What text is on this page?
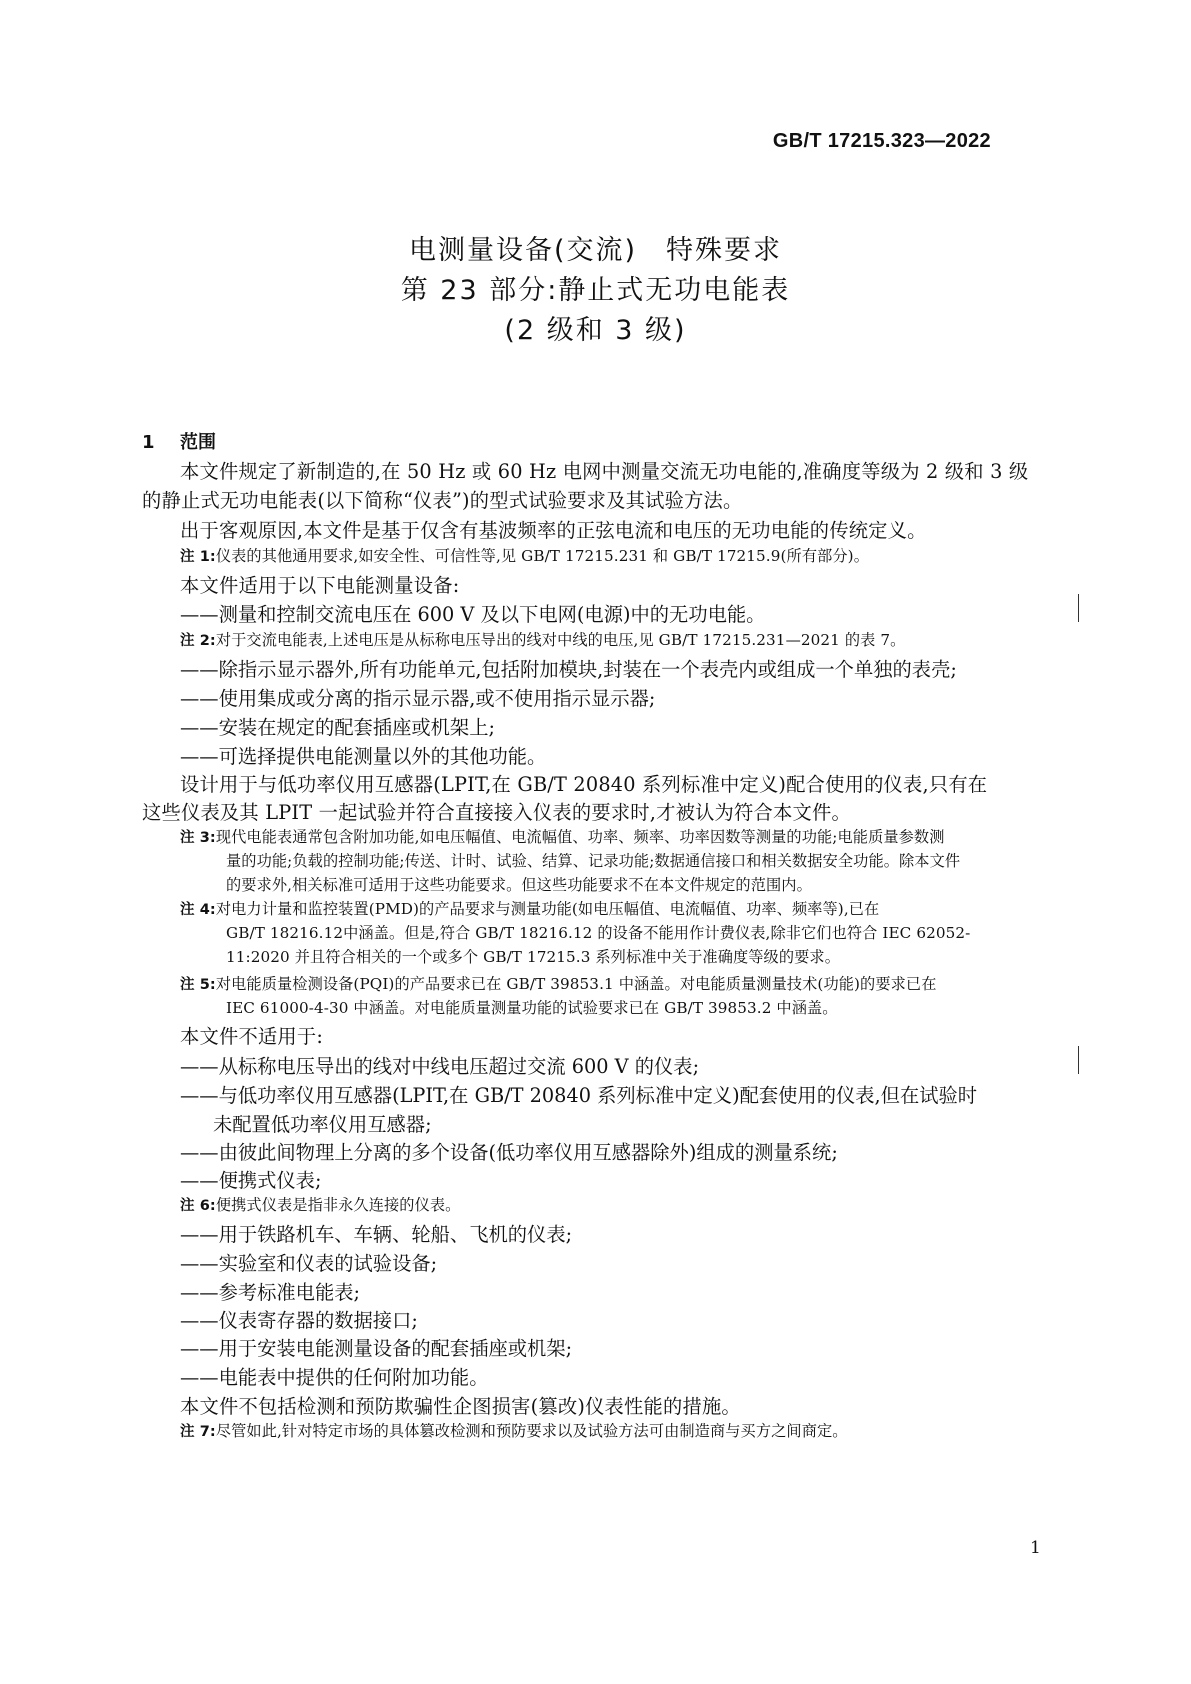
GB/T 17215.323—2022
电测量设备(交流)　特殊要求
第 23 部分:静止式无功电能表
(2 级和 3 级)
1 范围
本文件规定了新制造的,在 50 Hz 或 60 Hz 电网中测量交流无功电能的,准确度等级为 2 级和 3 级
的静止式无功电能表(以下简称“仪表”)的型式试验要求及其试验方法。
出于客观原因,本文件是基于仅含有基波频率的正弦电流和电压的无功电能的传统定义。
注 1:仪表的其他通用要求,如安全性、可信性等,见 GB/T 17215.231 和 GB/T 17215.9(所有部分)。
本文件适用于以下电能测量设备:
——测量和控制交流电压在 600 V 及以下电网(电源)中的无功电能。
注 2:对于交流电能表,上述电压是从标称电压导出的线对中线的电压,见 GB/T 17215.231—2021 的表 7。
——除指示显示器外,所有功能单元,包括附加模块,封装在一个表壳内或组成一个单独的表壳;
——使用集成或分离的指示显示器,或不使用指示显示器;
——安装在规定的配套插座或机架上;
——可选择提供电能测量以外的其他功能。
设计用于与低功率仪用互感器(LPIT,在 GB/T 20840 系列标准中定义)配合使用的仪表,只有在
这些仪表及其 LPIT 一起试验并符合直接接入仪表的要求时,才被认为符合本文件。
注 3:现代电能表通常包含附加功能,如电压幅值、电流幅值、功率、频率、功率因数等测量的功能;电能质量参数测
量的功能;负载的控制功能;传送、计时、试验、结算、记录功能;数据通信接口和相关数据安全功能。除本文件
的要求外,相关标准可适用于这些功能要求。但这些功能要求不在本文件规定的范围内。
注 4:对电力计量和监控装置(PMD)的产品要求与测量功能(如电压幅值、电流幅值、功率、频率等),已在
GB/T 18216.12中涵盖。但是,符合 GB/T 18216.12 的设备不能用作计费仪表,除非它们也符合 IEC 62052-
11:2020 并且符合相关的一个或多个 GB/T 17215.3 系列标准中关于准确度等级的要求。
注 5:对电能质量检测设备(PQI)的产品要求已在 GB/T 39853.1 中涵盖。对电能质量测量技术(功能)的要求已在
IEC 61000-4-30 中涵盖。对电能质量测量功能的试验要求已在 GB/T 39853.2 中涵盖。
本文件不适用于:
——从标称电压导出的线对中线电压超过交流 600 V 的仪表;
——与低功率仪用互感器(LPIT,在 GB/T 20840 系列标准中定义)配套使用的仪表,但在试验时
未配置低功率仪用互感器;
——由彼此间物理上分离的多个设备(低功率仪用互感器除外)组成的测量系统;
——便携式仪表;
注 6:便携式仪表是指非永久连接的仪表。
——用于铁路机车、车辆、轮船、飞机的仪表;
——实验室和仪表的试验设备;
——参考标准电能表;
——仪表寄存器的数据接口;
——用于安装电能测量设备的配套插座或机架;
——电能表中提供的任何附加功能。
本文件不包括检测和预防欺骗性企图损害(篡改)仪表性能的措施。
注 7:尽管如此,针对特定市场的具体篡改检测和预防要求以及试验方法可由制造商与买方之间商定。
1
